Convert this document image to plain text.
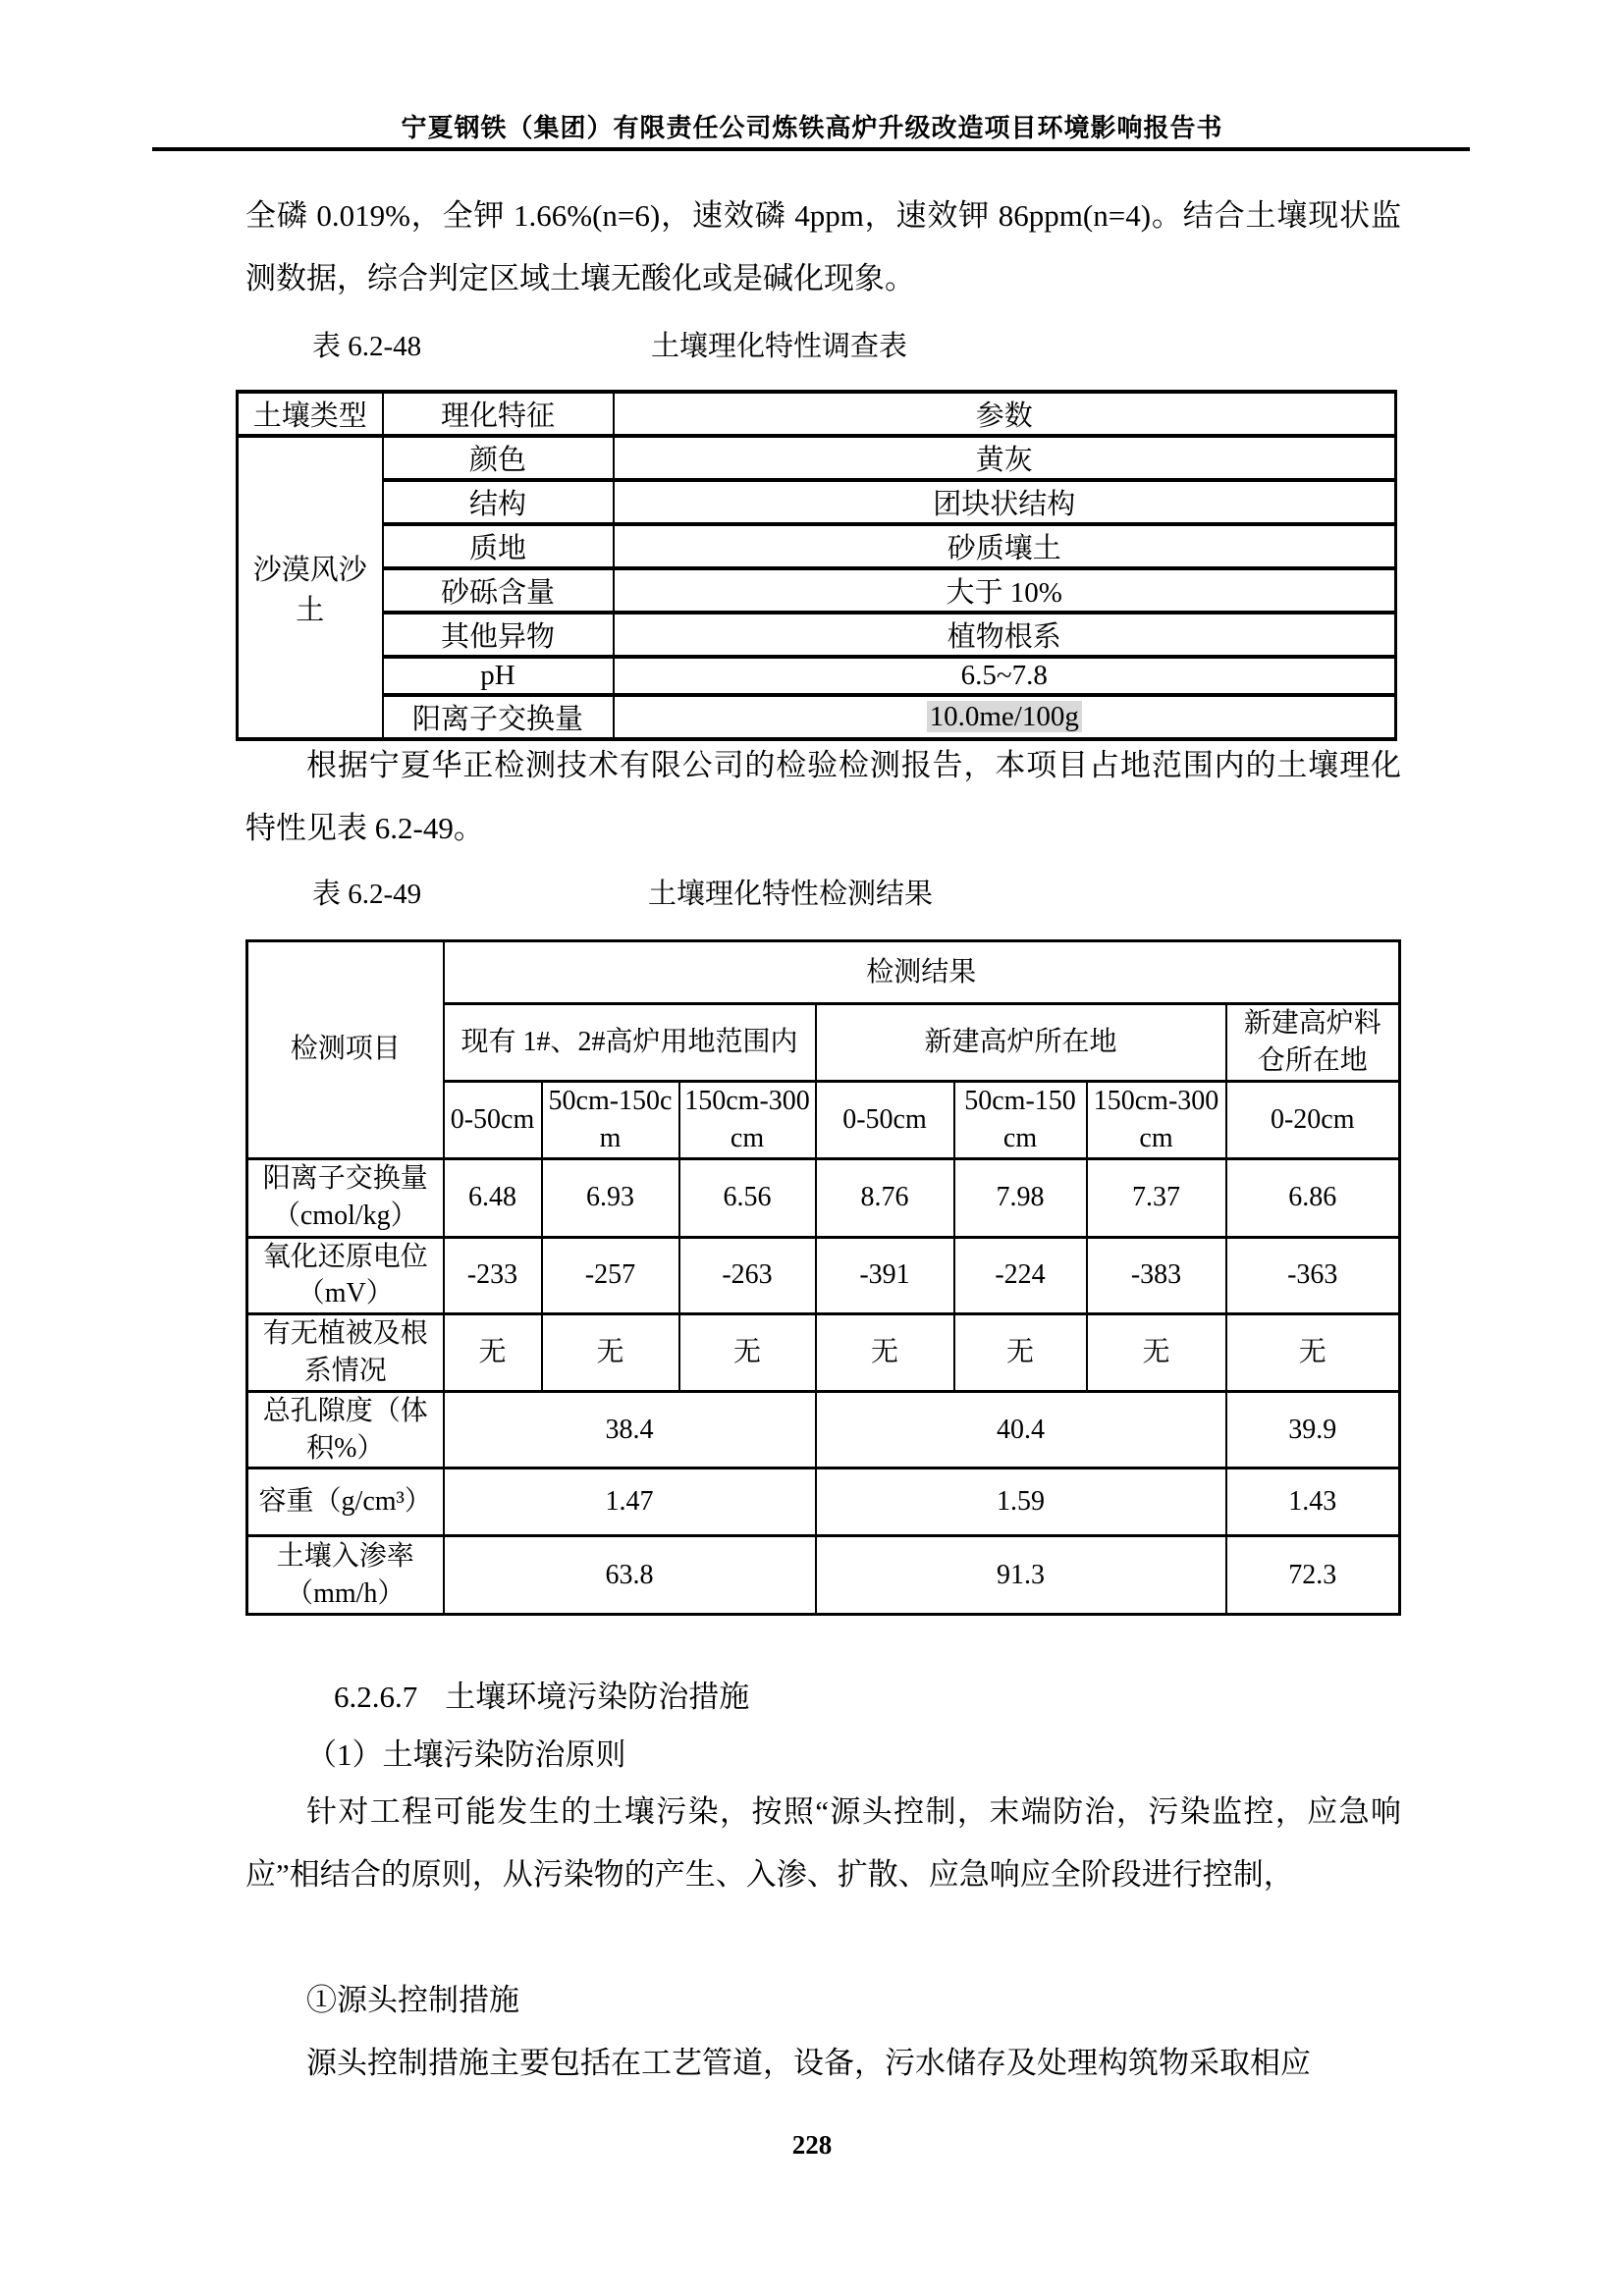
宁夏钢铁（集团）有限责任公司炼铁高炉升级改造项目环境影响报告书
全磷 0.019%，全钾 1.66%(n=6)，速效磷 4ppm，速效钾 86ppm(n=4)。结合土壤现状监测数据，综合判定区域土壤无酸化或是碱化现象。
表 6.2-48	土壤理化特性调查表
土壤类型	理化特征	参数
沙漠风沙土	颜色	黄灰
	结构	团块状结构
	质地	砂质壤土
	砂砾含量	大于 10%
	其他异物	植物根系
	pH	6.5~7.8
	阳离子交换量	10.0me/100g
根据宁夏华正检测技术有限公司的检验检测报告，本项目占地范围内的土壤理化特性见表 6.2-49。
表 6.2-49	土壤理化特性检测结果
检测项目	检测结果						
	现有 1#、2#高炉用地范围内			新建高炉所在地			新建高炉料仓所在地
	0-50cm	50cm-150cm	150cm-300cm	0-50cm	50cm-150cm	150cm-300cm	0-20cm
阳离子交换量（cmol/kg）	6.48	6.93	6.56	8.76	7.98	7.37	6.86
氧化还原电位（mV）	-233	-257	-263	-391	-224	-383	-363
有无植被及根系情况	无	无	无	无	无	无	无
总孔隙度（体积%）	38.4			40.4			39.9
容重（g/cm³）	1.47			1.59			1.43
土壤入渗率（mm/h）	63.8			91.3			72.3
6.2.6.7 土壤环境污染防治措施
（1）土壤污染防治原则
针对工程可能发生的土壤污染，按照“源头控制，末端防治，污染监控，应急响应”相结合的原则，从污染物的产生、入渗、扩散、应急响应全阶段进行控制，
①源头控制措施
源头控制措施主要包括在工艺管道，设备，污水储存及处理构筑物采取相应
228
